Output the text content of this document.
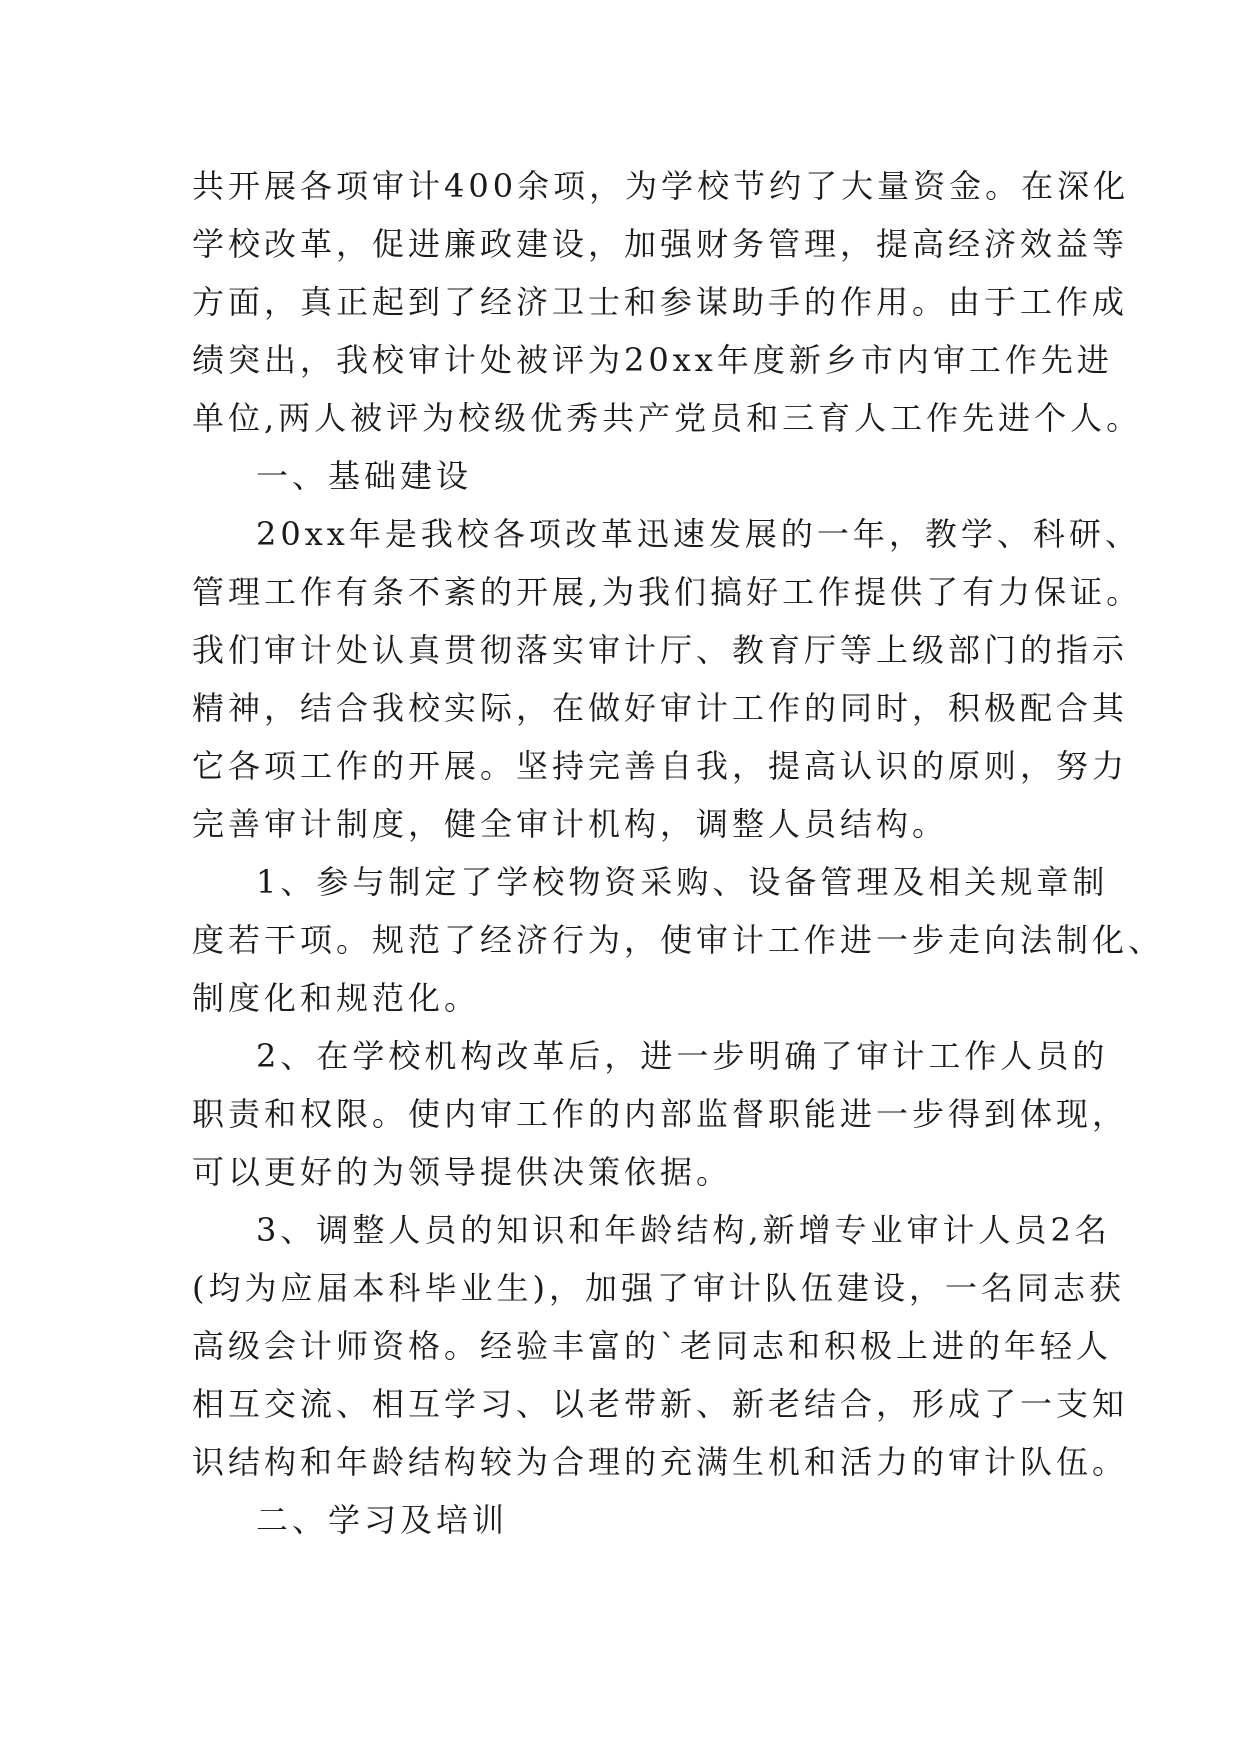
共开展各项审计400余项，为学校节约了大量资金。在深化
学校改革，促进廉政建设，加强财务管理，提高经济效益等
方面，真正起到了经济卫士和参谋助手的作用。由于工作成
绩突出，我校审计处被评为20xx年度新乡市内审工作先进
单位,两人被评为校级优秀共产党员和三育人工作先进个人。
一、基础建设
20xx年是我校各项改革迅速发展的一年，教学、科研、
管理工作有条不紊的开展,为我们搞好工作提供了有力保证。
我们审计处认真贯彻落实审计厅、教育厅等上级部门的指示
精神，结合我校实际，在做好审计工作的同时，积极配合其
它各项工作的开展。坚持完善自我，提高认识的原则，努力
完善审计制度，健全审计机构，调整人员结构。
1、参与制定了学校物资采购、设备管理及相关规章制
度若干项。规范了经济行为，使审计工作进一步走向法制化、
制度化和规范化。
2、在学校机构改革后，进一步明确了审计工作人员的
职责和权限。使内审工作的内部监督职能进一步得到体现，
可以更好的为领导提供决策依据。
3、调整人员的知识和年龄结构,新增专业审计人员2名
(均为应届本科毕业生)，加强了审计队伍建设，一名同志获
高级会计师资格。经验丰富的`老同志和积极上进的年轻人
相互交流、相互学习、以老带新、新老结合，形成了一支知
识结构和年龄结构较为合理的充满生机和活力的审计队伍。
二、学习及培训
